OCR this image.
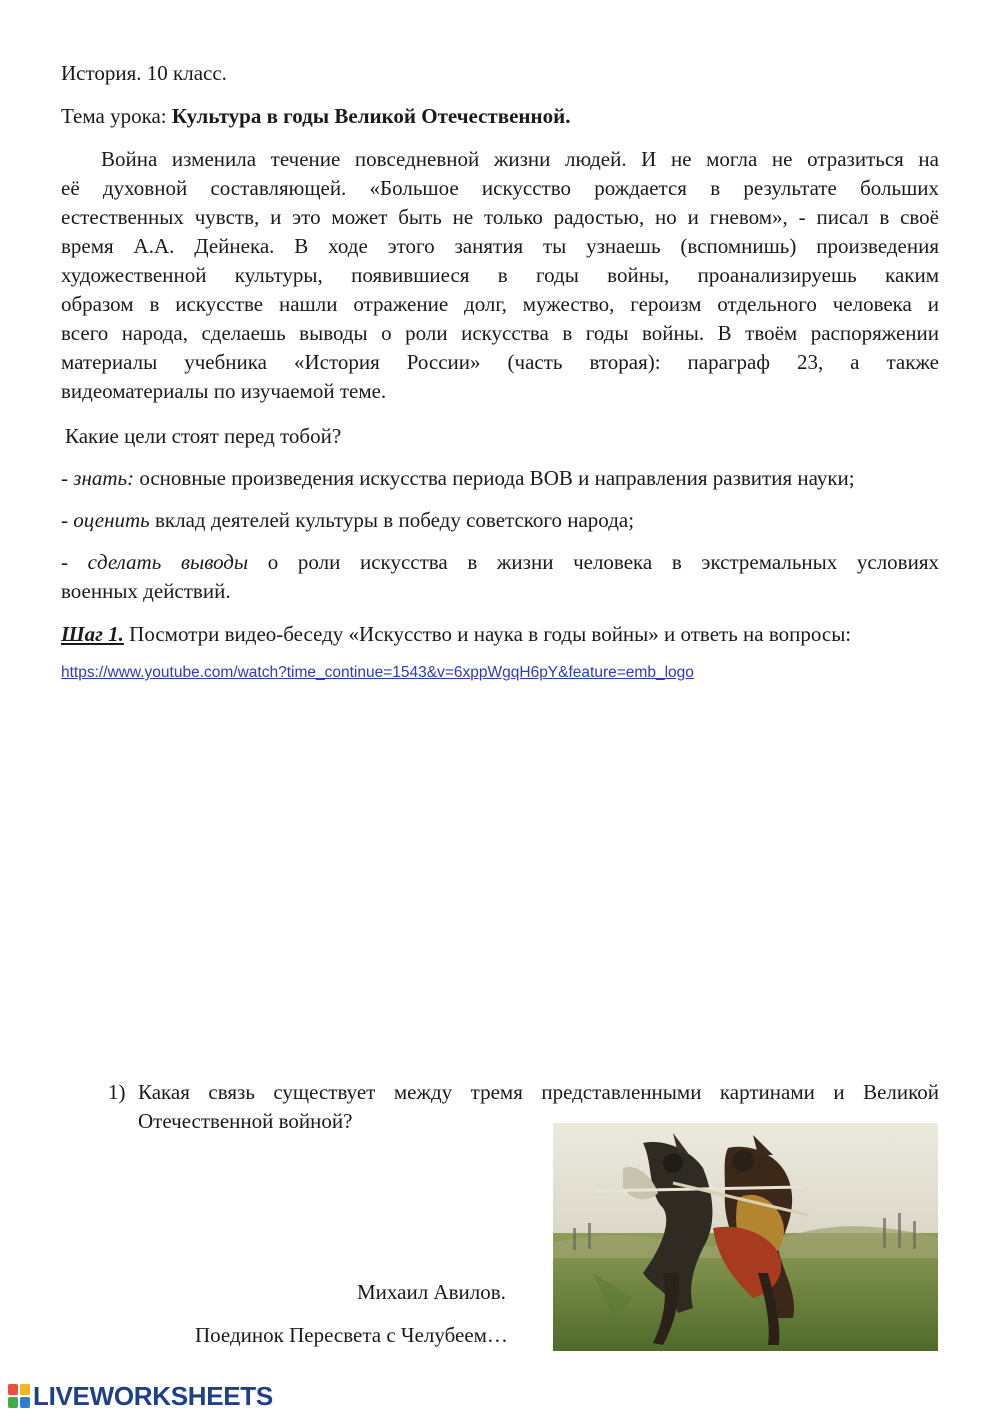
История. 10 класс.
Тема урока: Культура в годы Великой Отечественной.
Война изменила течение повседневной жизни людей. И не могла не отразиться на
её духовной составляющей. «Большое искусство рождается в результате больших
естественных чувств, и это может быть не только радостью, но и гневом», - писал в своё
время А.А. Дейнека. В ходе этого занятия ты узнаешь (вспомнишь) произведения
художественной культуры, появившиеся в годы войны, проанализируешь каким
образом в искусстве нашли отражение долг, мужество, героизм отдельного человека и
всего народа, сделаешь выводы о роли искусства в годы войны. В твоём распоряжении
материалы учебника «История России» (часть вторая): параграф 23, а также
видеоматериалы по изучаемой теме.
Какие цели стоят перед тобой?
- знать: основные произведения искусства периода ВОВ и направления развития науки;
- оценить вклад деятелей культуры в победу советского народа;
- сделать выводы о роли искусства в жизни человека в экстремальных условиях
военных действий.
Шаг 1. Посмотри видео-беседу «Искусство и наука в годы войны» и ответь на вопросы:
https://www.youtube.com/watch?time_continue=1543&v=6xppWgqH6pY&feature=emb_logo
1) Какая связь существует между тремя представленными картинами и Великой
Отечественной войной?
Михаил Авилов.
Поединок Пересвета с Челубеем…
LIVEWORKSHEETS
